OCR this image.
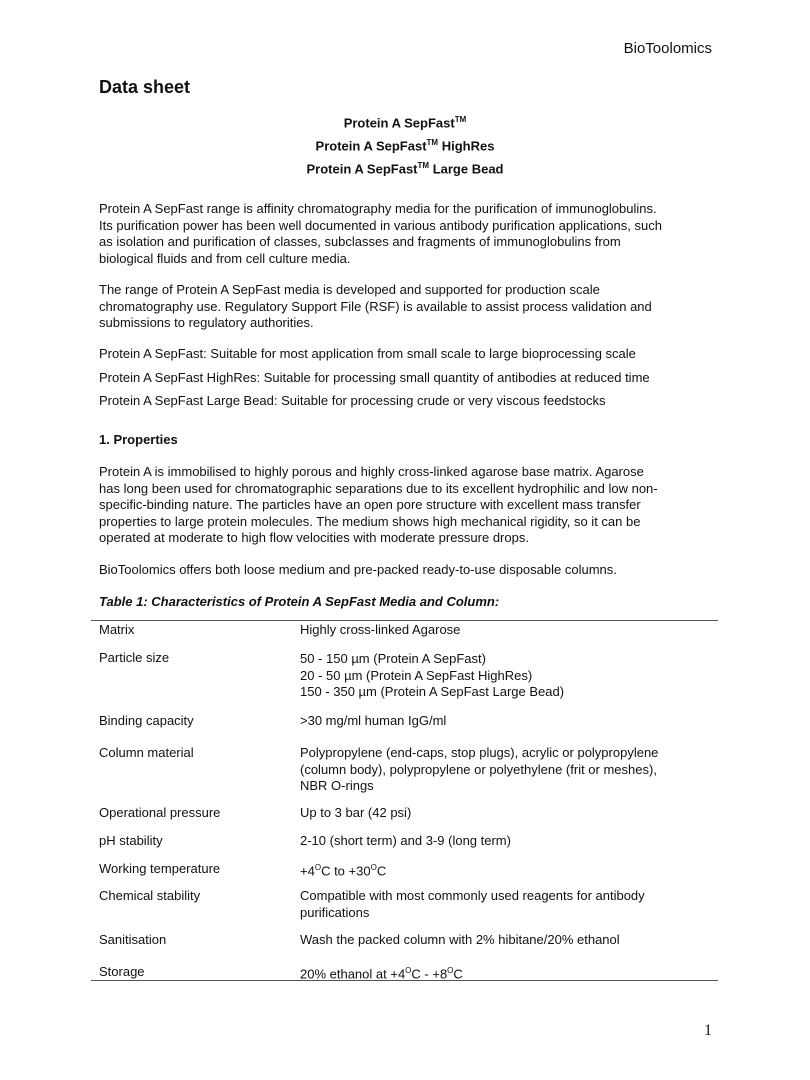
BioToolomics
Data sheet
Protein A SepFast™
Protein A SepFast™ HighRes
Protein A SepFast™ Large Bead
Protein A SepFast range is affinity chromatography media for the purification of immunoglobulins.
Its purification power has been well documented in various antibody purification applications, such
as isolation and purification of classes, subclasses and fragments of immunoglobulins from
biological fluids and from cell culture media.
The range of Protein A SepFast media is developed and supported for production scale
chromatography use. Regulatory Support File (RSF) is available to assist process validation and
submissions to regulatory authorities.
Protein A SepFast: Suitable for most application from small scale to large bioprocessing scale
Protein A SepFast HighRes: Suitable for processing small quantity of antibodies at reduced time
Protein A SepFast Large Bead: Suitable for processing crude or very viscous feedstocks
1. Properties
Protein A is immobilised to highly porous and highly cross-linked agarose base matrix. Agarose
has long been used for chromatographic separations due to its excellent hydrophilic and low non-
specific-binding nature. The particles have an open pore structure with excellent mass transfer
properties to large protein molecules. The medium shows high mechanical rigidity, so it can be
operated at moderate to high flow velocities with moderate pressure drops.
BioToolomics offers both loose medium and pre-packed ready-to-use disposable columns.
Table 1: Characteristics of Protein A SepFast Media and Column:
Matrix	Highly cross-linked Agarose
Particle size	50 - 150 µm (Protein A SepFast)
20 - 50 µm (Protein A SepFast HighRes)
150 - 350 µm (Protein A SepFast Large Bead)
Binding capacity	>30 mg/ml human IgG/ml
Column material	Polypropylene (end-caps, stop plugs), acrylic or polypropylene
(column body), polypropylene or polyethylene (frit or meshes),
NBR O-rings
Operational pressure	Up to 3 bar (42 psi)
pH stability	2-10 (short term) and 3-9 (long term)
Working temperature	$+4^OC$ to $+30^OC$
Chemical stability	Compatible with most commonly used reagents for antibody
purifications
Sanitisation	Wash the packed column with 2% hibitane/20% ethanol
Storage	20% ethanol at $+4^OC - +8^OC$
1
